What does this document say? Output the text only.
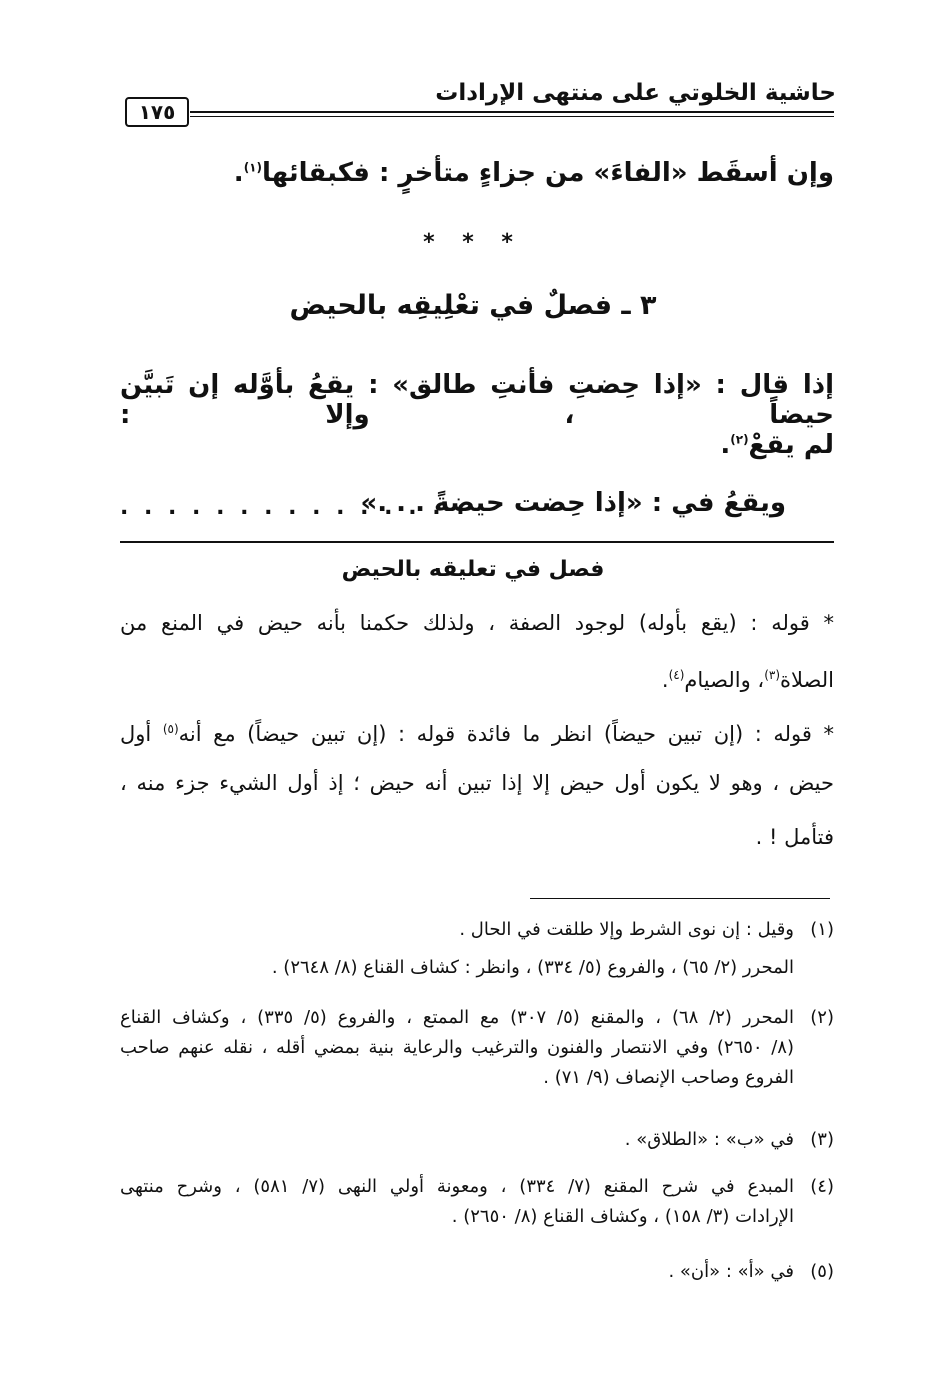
حاشية الخلوتي على منتهى الإرادات
١٧٥
وإن أسقَط «الفاءَ» من جزاءٍ متأخرٍ : فكبقائها$^{(١)}$.
* * *
٣ ـ فصلٌ في تعْلِيقِه بالحيض
إذا قال : «إذا حِضتِ فأنتِ طالق» : يقعُ بأوَّله إن تَبيَّن حيضاً ، وإلا :
لم يقعْ$^{(٢)}$.
ويقعُ في : «إذا حِضت حيضةً . . .»
. . . . . . . . . . . . . . .
فصل في تعليقه بالحيض
* قوله : (يقع بأوله) لوجود الصفة ، ولذلك حكمنا بأنه حيض في المنع من
الصلاة$^{(٣)}$، والصيام$^{(٤)}$.
* قوله : (إن تبين حيضاً) انظر ما فائدة قوله : (إن تبين حيضاً) مع أنه$^{(٥)}$ أول
حيض ، وهو لا يكون أول حيض إلا إذا تبين أنه حيض ؛ إذ أول الشيء جزء منه ،
فتأمل ! .
(١)
وقيل : إن نوى الشرط وإلا طلقت في الحال .
المحرر (٢/ ٦٥) ، والفروع (٥/ ٣٣٤) ، وانظر : كشاف القناع (٨/ ٢٦٤٨) .
(٢)
المحرر (٢/ ٦٨) ، والمقنع (٥/ ٣٠٧) مع الممتع ، والفروع (٥/ ٣٣٥) ، وكشاف القناع
(٨/ ٢٦٥٠) وفي الانتصار والفنون والترغيب والرعاية بنية بمضي أقله ، نقله عنهم صاحب
الفروع وصاحب الإنصاف (٩/ ٧١) .
(٣)
في «ب» : «الطلاق» .
(٤)
المبدع في شرح المقنع (٧/ ٣٣٤) ، ومعونة أولي النهى (٧/ ٥٨١) ، وشرح منتهى
الإرادات (٣/ ١٥٨) ، وكشاف القناع (٨/ ٢٦٥٠) .
(٥)
في «أ» : «أن» .
